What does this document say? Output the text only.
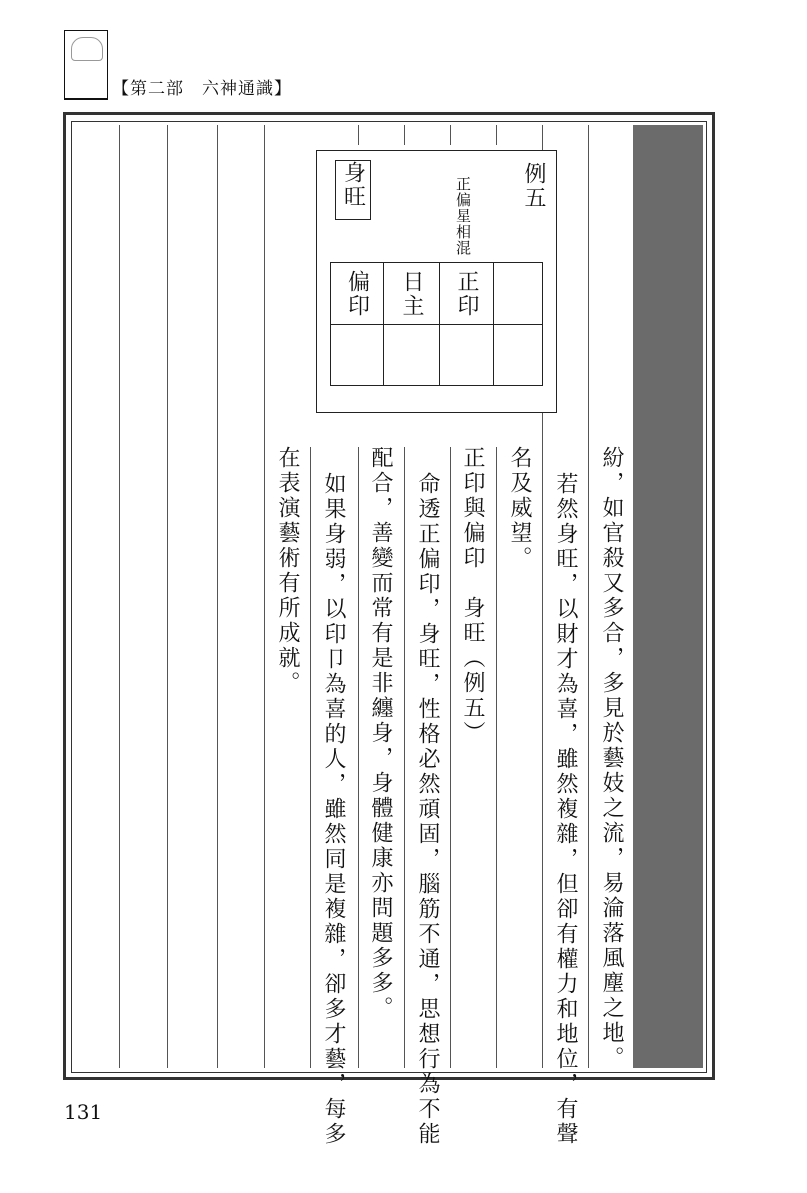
【第二部　六神通識】
例五
正偏星相混
身旺
偏印 日主 正印
紛，如官殺又多合，多見於藝妓之流，易淪落風塵之地。
若然身旺，以財才為喜，雖然複雜，但卻有權力和地位，有聲
名及威望。
正印與偏印　身旺（例五）
命透正偏印，身旺，性格必然頑固，腦筋不通，思想行為不能
配合，善變而常有是非纏身，身體健康亦問題多多。
如果身弱，以印卩為喜的人，雖然同是複雜，卻多才藝，每多
在表演藝術有所成就。
131
